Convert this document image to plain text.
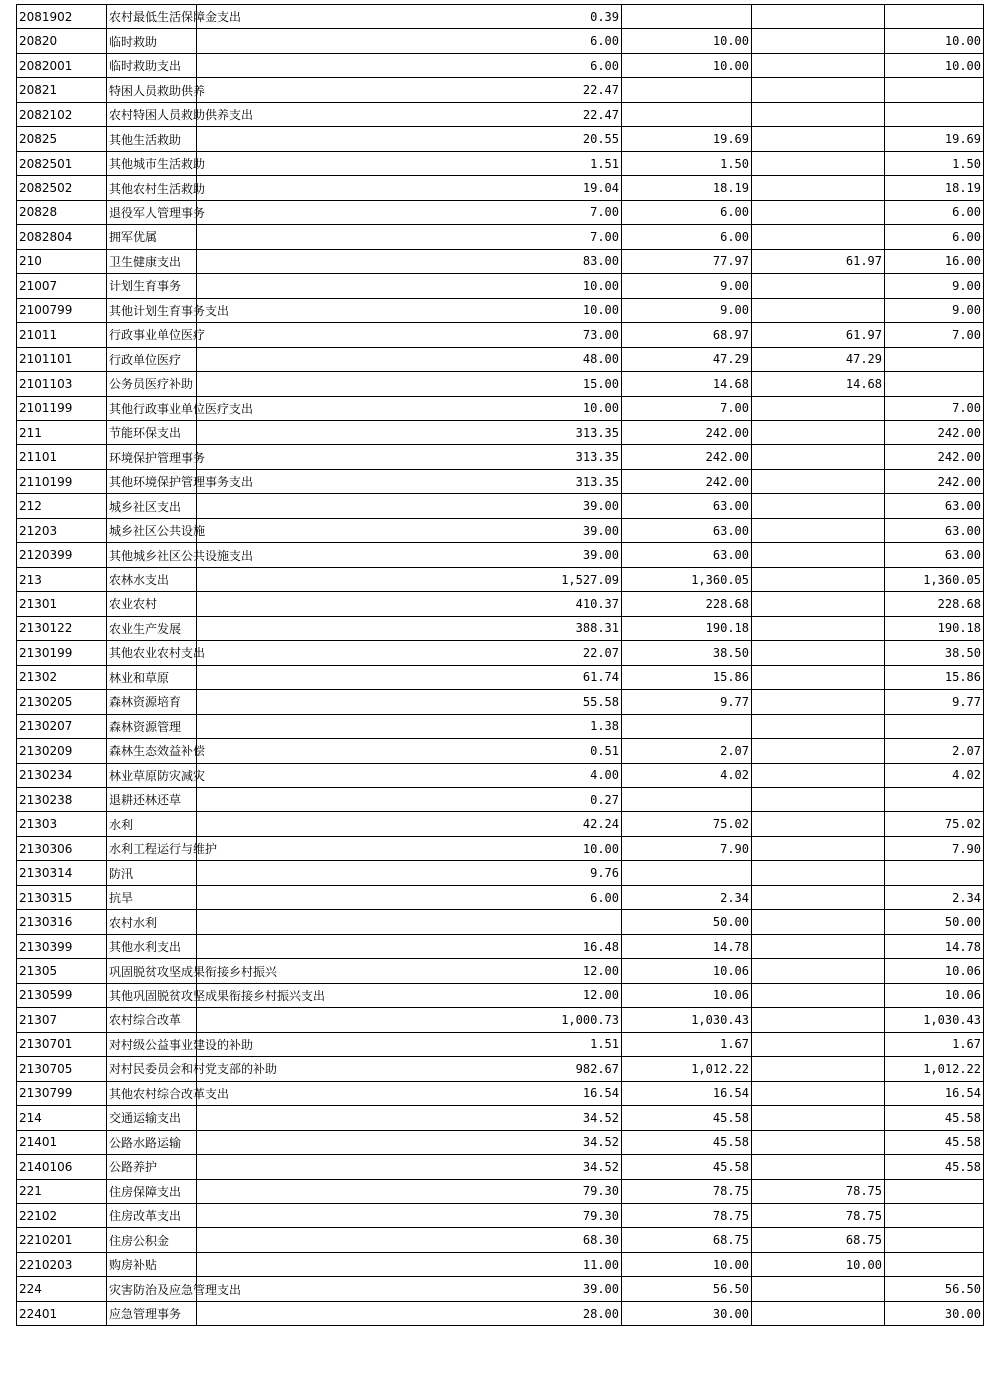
2081902	农村最低生活保障金支出	0.39			
20820	临时救助	6.00	10.00		10.00
2082001	临时救助支出	6.00	10.00		10.00
20821	特困人员救助供养	22.47			
2082102	农村特困人员救助供养支出	22.47			
20825	其他生活救助	20.55	19.69		19.69
2082501	其他城市生活救助	1.51	1.50		1.50
2082502	其他农村生活救助	19.04	18.19		18.19
20828	退役军人管理事务	7.00	6.00		6.00
2082804	拥军优属	7.00	6.00		6.00
210	卫生健康支出	83.00	77.97	61.97	16.00
21007	计划生育事务	10.00	9.00		9.00
2100799	其他计划生育事务支出	10.00	9.00		9.00
21011	行政事业单位医疗	73.00	68.97	61.97	7.00
2101101	行政单位医疗	48.00	47.29	47.29	
2101103	公务员医疗补助	15.00	14.68	14.68	
2101199	其他行政事业单位医疗支出	10.00	7.00		7.00
211	节能环保支出	313.35	242.00		242.00
21101	环境保护管理事务	313.35	242.00		242.00
2110199	其他环境保护管理事务支出	313.35	242.00		242.00
212	城乡社区支出	39.00	63.00		63.00
21203	城乡社区公共设施	39.00	63.00		63.00
2120399	其他城乡社区公共设施支出	39.00	63.00		63.00
213	农林水支出	1,527.09	1,360.05		1,360.05
21301	农业农村	410.37	228.68		228.68
2130122	农业生产发展	388.31	190.18		190.18
2130199	其他农业农村支出	22.07	38.50		38.50
21302	林业和草原	61.74	15.86		15.86
2130205	森林资源培育	55.58	9.77		9.77
2130207	森林资源管理	1.38			
2130209	森林生态效益补偿	0.51	2.07		2.07
2130234	林业草原防灾减灾	4.00	4.02		4.02
2130238	退耕还林还草	0.27			
21303	水利	42.24	75.02		75.02
2130306	水利工程运行与维护	10.00	7.90		7.90
2130314	防汛	9.76			
2130315	抗旱	6.00	2.34		2.34
2130316	农村水利		50.00		50.00
2130399	其他水利支出	16.48	14.78		14.78
21305	巩固脱贫攻坚成果衔接乡村振兴	12.00	10.06		10.06
2130599	其他巩固脱贫攻坚成果衔接乡村振兴支出	12.00	10.06		10.06
21307	农村综合改革	1,000.73	1,030.43		1,030.43
2130701	对村级公益事业建设的补助	1.51	1.67		1.67
2130705	对村民委员会和村党支部的补助	982.67	1,012.22		1,012.22
2130799	其他农村综合改革支出	16.54	16.54		16.54
214	交通运输支出	34.52	45.58		45.58
21401	公路水路运输	34.52	45.58		45.58
2140106	公路养护	34.52	45.58		45.58
221	住房保障支出	79.30	78.75	78.75	
22102	住房改革支出	79.30	78.75	78.75	
2210201	住房公积金	68.30	68.75	68.75	
2210203	购房补贴	11.00	10.00	10.00	
224	灾害防治及应急管理支出	39.00	56.50		56.50
22401	应急管理事务	28.00	30.00		30.00
